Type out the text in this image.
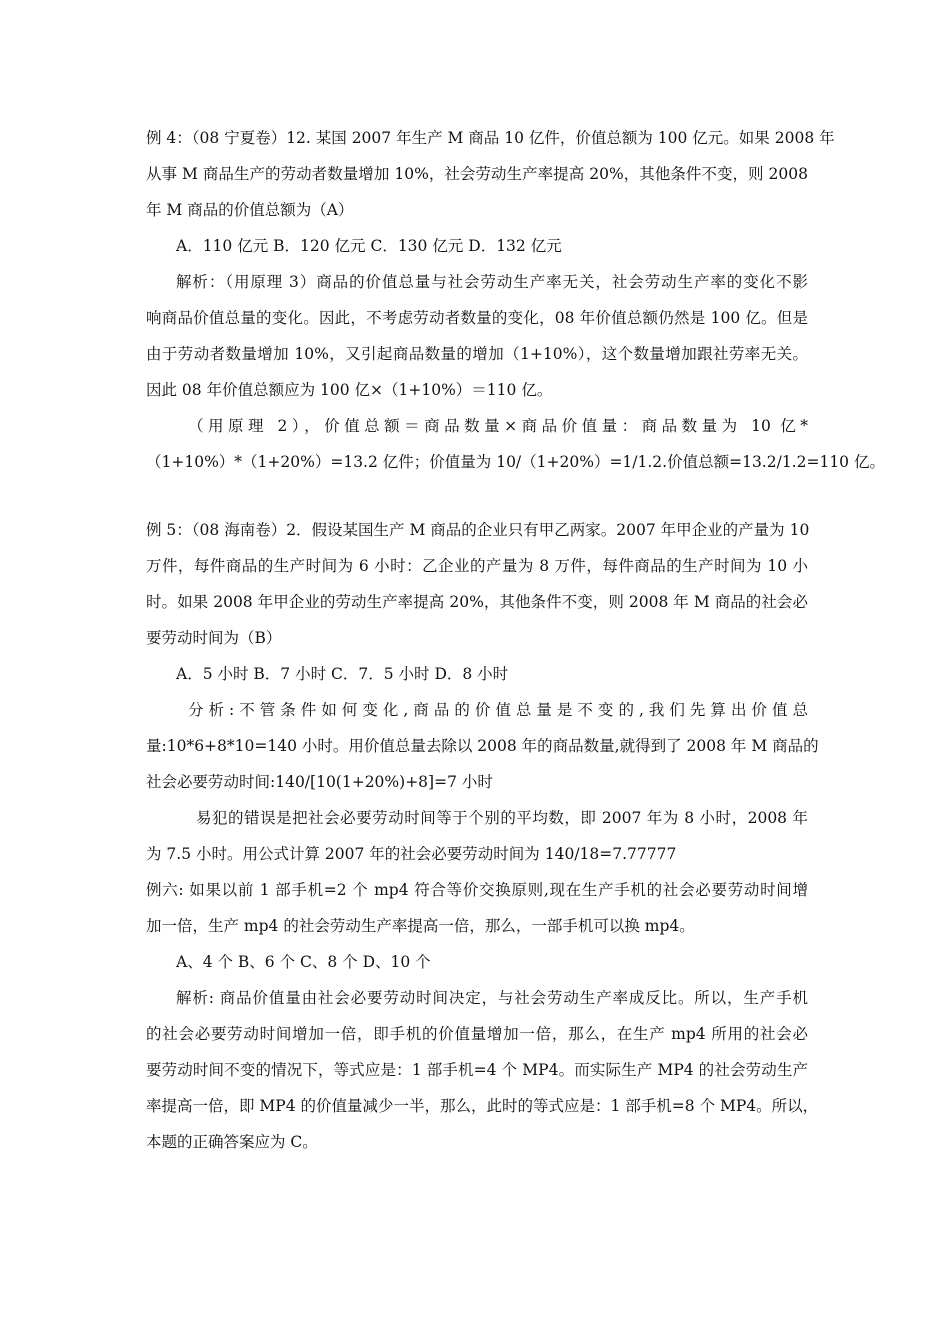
例 4：（08 宁夏卷）12. 某国 2007 年生产 M 商品 10 亿件，价值总额为 100 亿元。如果 2008 年
从事 M 商品生产的劳动者数量增加 10%，社会劳动生产率提高 20%，其他条件不变，则 2008
年 M 商品的价值总额为（A）
A．110 亿元 B．120 亿元 C．130 亿元 D．132 亿元
解析：（用原理 3）商品的价值总量与社会劳动生产率无关，社会劳动生产率的变化不影
响商品价值总量的变化。因此，不考虑劳动者数量的变化，08 年价值总额仍然是 100 亿。但是
由于劳动者数量增加 10%，又引起商品数量的增加（1+10%），这个数量增加跟社劳率无关。
因此 08 年价值总额应为 100 亿×（1+10%）＝110 亿。
（用原理 2），价值总额＝商品数量×商品价值量：商品数量为 10 亿*
（1+10%）*（1+20%）=13.2 亿件；价值量为 10/（1+20%）=1/1.2.价值总额=13.2/1.2=110 亿。
例 5：（08 海南卷）2．假设某国生产 M 商品的企业只有甲乙两家。2007 年甲企业的产量为 10
万件，每件商品的生产时间为 6 小时：乙企业的产量为 8 万件，每件商品的生产时间为 10 小
时。如果 2008 年甲企业的劳动生产率提高 20%，其他条件不变，则 2008 年 M 商品的社会必
要劳动时间为（B）
A．5 小时 B．7 小时 C．7．5 小时 D．8 小时
分析:不管条件如何变化,商品的价值总量是不变的,我们先算出价值总
量:10*6+8*10=140 小时。用价值总量去除以 2008 年的商品数量,就得到了 2008 年 M 商品的
社会必要劳动时间:140/[10(1+20%)+8]=7 小时
易犯的错误是把社会必要劳动时间等于个别的平均数，即 2007 年为 8 小时，2008 年
为 7.5 小时。用公式计算 2007 年的社会必要劳动时间为 140/18=7.77777
例六: 如果以前 1 部手机=2 个 mp4 符合等价交换原则,现在生产手机的社会必要劳动时间增
加一倍，生产 mp4 的社会劳动生产率提高一倍，那么，一部手机可以换 mp4。
A、4 个 B、6 个 C、8 个 D、10 个
解析: 商品价值量由社会必要劳动时间决定，与社会劳动生产率成反比。所以，生产手机
的社会必要劳动时间增加一倍，即手机的价值量增加一倍，那么，在生产 mp4 所用的社会必
要劳动时间不变的情况下，等式应是：1 部手机=4 个 MP4。而实际生产 MP4 的社会劳动生产
率提高一倍，即 MP4 的价值量减少一半，那么，此时的等式应是：1 部手机=8 个 MP4。所以，
本题的正确答案应为 C。
